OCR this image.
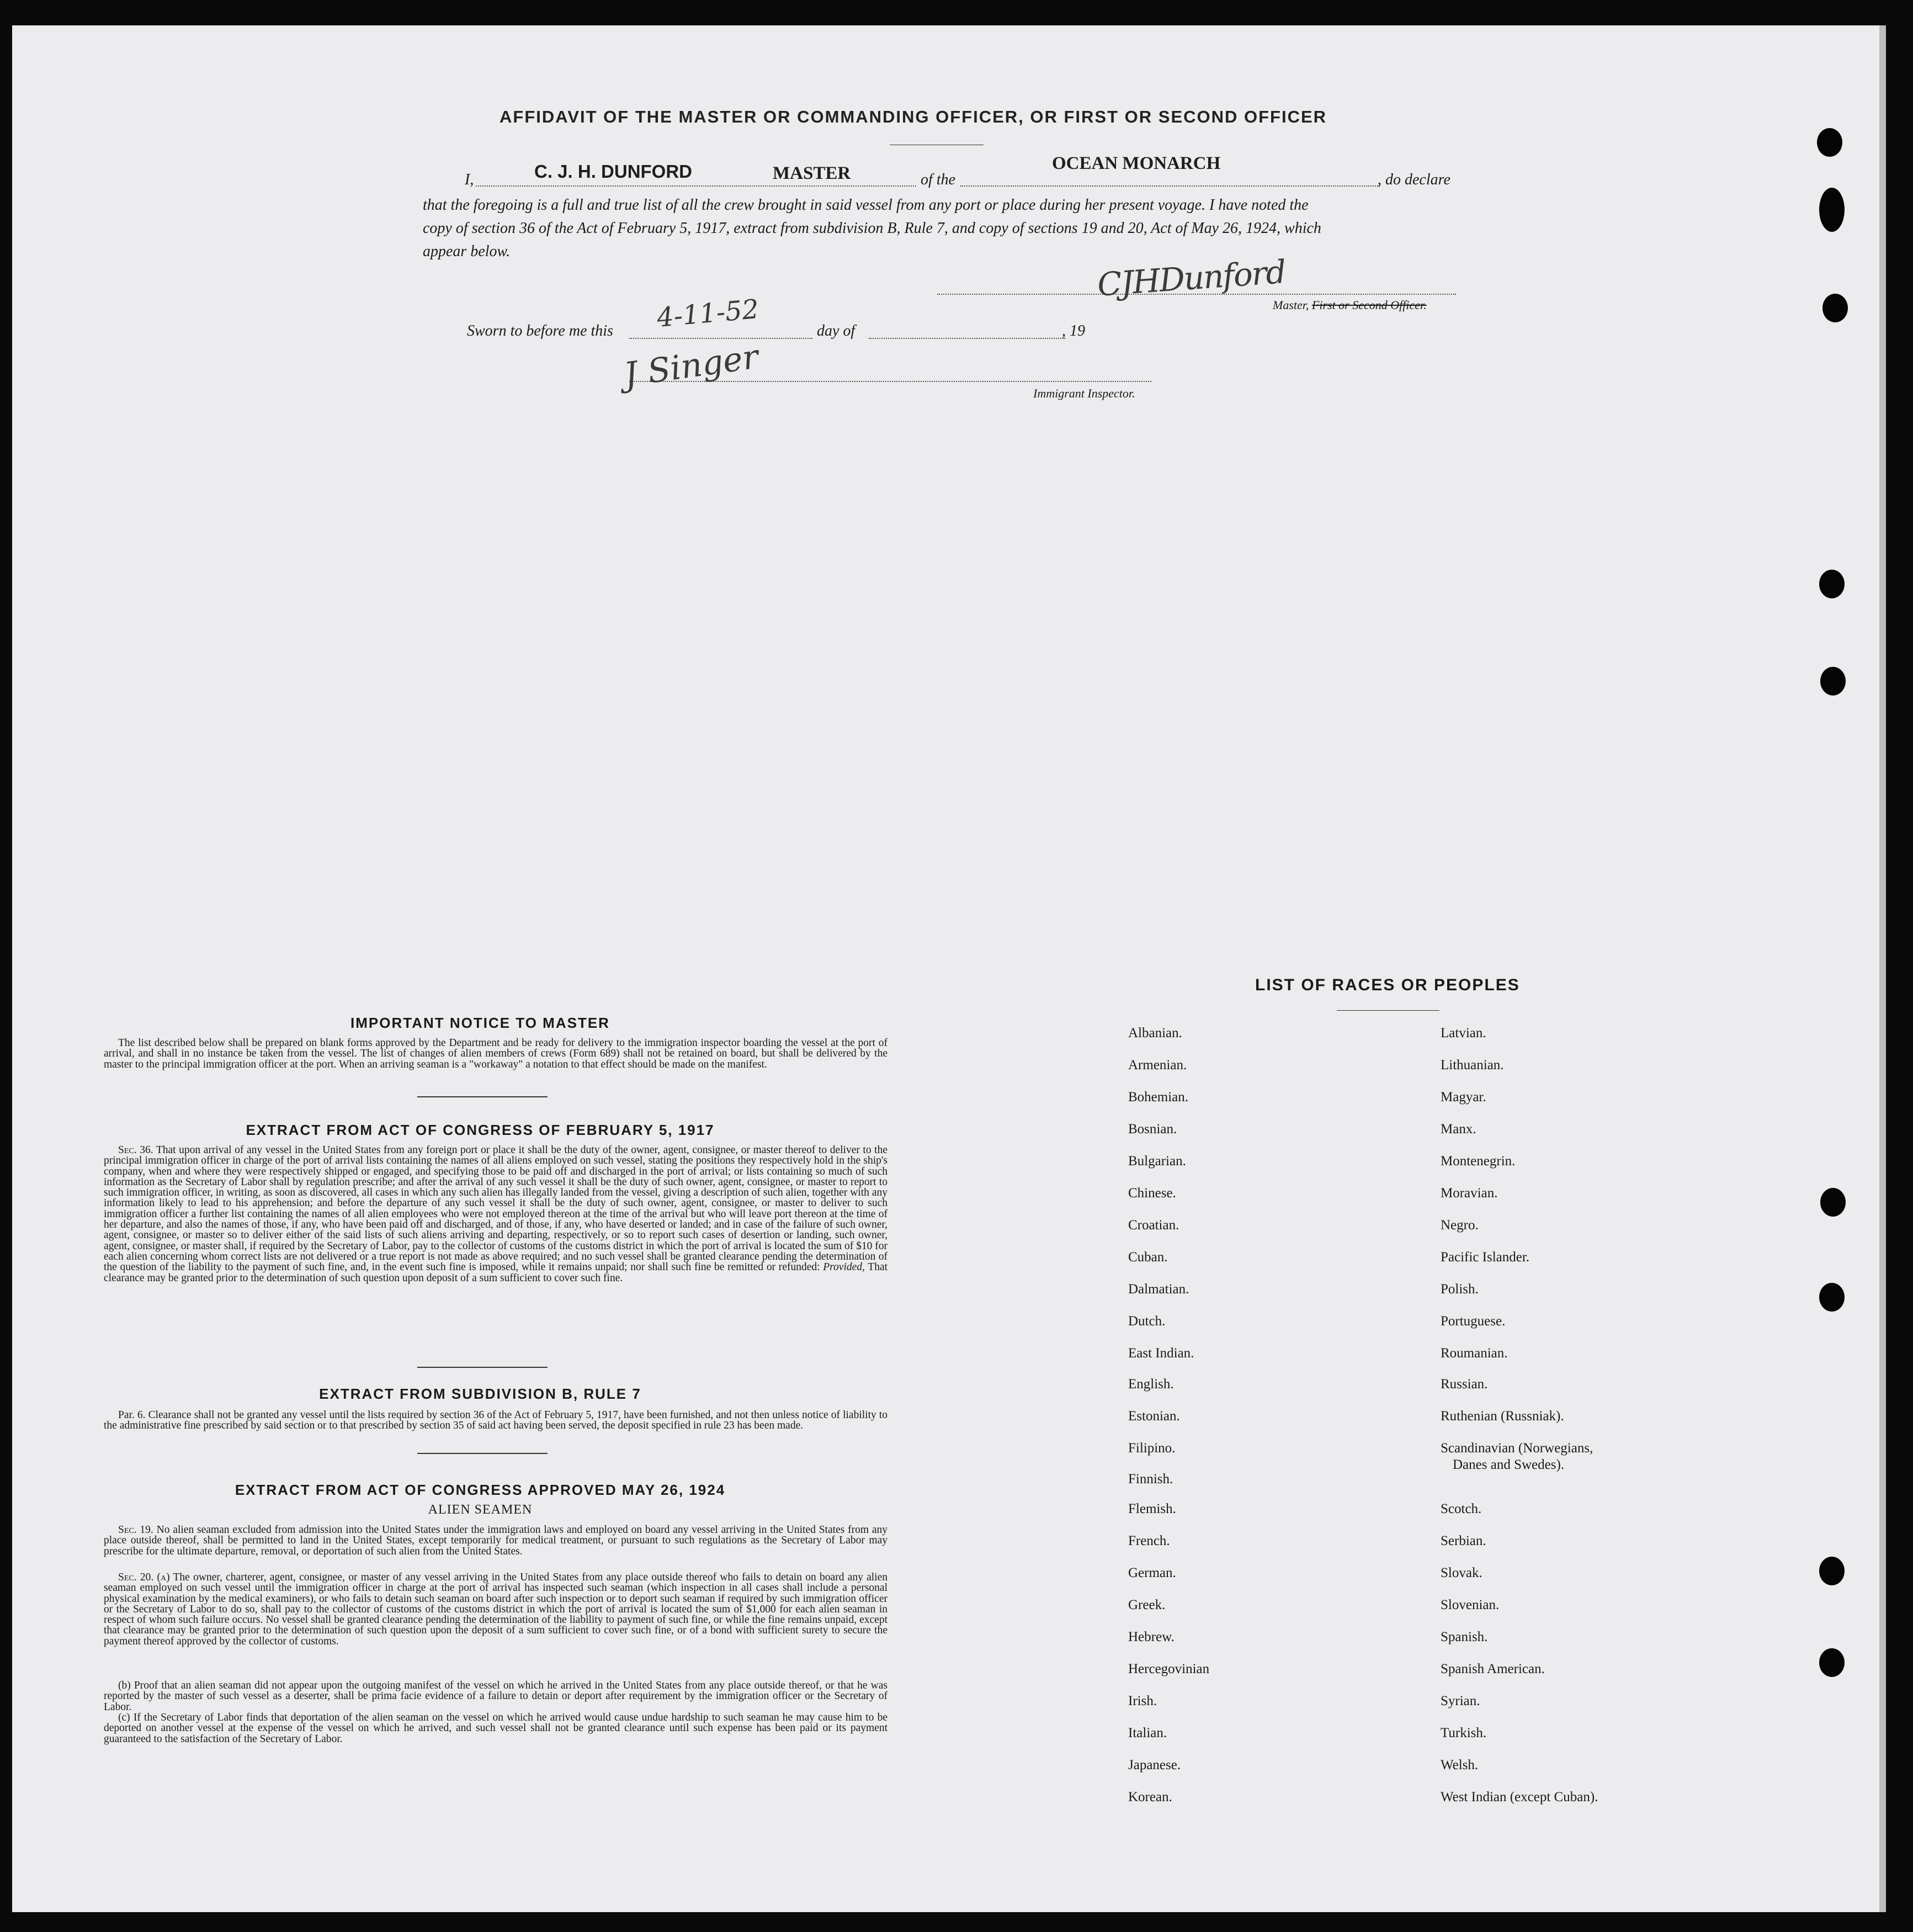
AFFIDAVIT OF THE MASTER OR COMMANDING OFFICER, OR FIRST OR SECOND OFFICER
I,	C. J. H. DUNFORD	MASTER	of the
OCEAN MONARCH
, do declare
that the foregoing is a full and true list of all the crew brought in said vessel from any port or place during her present voyage. I have noted the
copy of section 36 of the Act of February 5, 1917, extract from subdivision B, Rule 7, and copy of sections 19 and 20, Act of May 26, 1924, which
appear below.
CJHDunford
Master, First or Second Officer.
Sworn to before me this 4-11-52	day of	, 19
J Singer	Immigrant Inspector.
IMPORTANT NOTICE TO MASTER
The list described below shall be prepared on blank forms approved by the Department and be ready for delivery to the immigration inspector boarding the vessel at the port of arrival, and shall in no instance be taken from the vessel. The list of changes of alien members of crews (Form 689) shall not be retained on board, but shall be delivered by the master to the principal immigration officer at the port. When an arriving seaman is a "workaway" a notation to that effect should be made on the manifest.
EXTRACT FROM ACT OF CONGRESS OF FEBRUARY 5, 1917
Sec. 36. That upon arrival of any vessel in the United States from any foreign port or place it shall be the duty of the owner, agent, consignee, or master thereof to deliver to the principal immigration officer in charge of the port of arrival lists containing the names of all aliens employed on such vessel, stating the positions they respectively hold in the ship's company, when and where they were respectively shipped or engaged, and specifying those to be paid off and discharged in the port of arrival; or lists containing so much of such information as the Secretary of Labor shall by regulation prescribe; and after the arrival of any such vessel it shall be the duty of such owner, agent, consignee, or master to report to such immigration officer, in writing, as soon as discovered, all cases in which any such alien has illegally landed from the vessel, giving a description of such alien, together with any information likely to lead to his apprehension; and before the departure of any such vessel it shall be the duty of such owner, agent, consignee, or master to deliver to such immigration officer a further list containing the names of all alien employees who were not employed thereon at the time of the arrival but who will leave port thereon at the time of her departure, and also the names of those, if any, who have been paid off and discharged, and of those, if any, who have deserted or landed; and in case of the failure of such owner, agent, consignee, or master so to deliver either of the said lists of such aliens arriving and departing, respectively, or so to report such cases of desertion or landing, such owner, agent, consignee, or master shall, if required by the Secretary of Labor, pay to the collector of customs of the customs district in which the port of arrival is located the sum of $10 for each alien concerning whom correct lists are not delivered or a true report is not made as above required; and no such vessel shall be granted clearance pending the determination of the question of the liability to the payment of such fine, and, in the event such fine is imposed, while it remains unpaid; nor shall such fine be remitted or refunded: Provided, That clearance may be granted prior to the determination of such question upon deposit of a sum sufficient to cover such fine.
EXTRACT FROM SUBDIVISION B, RULE 7
Par. 6. Clearance shall not be granted any vessel until the lists required by section 36 of the Act of February 5, 1917, have been furnished, and not then unless notice of liability to the administrative fine prescribed by said section or to that prescribed by section 35 of said act having been served, the deposit specified in rule 23 has been made.
EXTRACT FROM ACT OF CONGRESS APPROVED MAY 26, 1924
ALIEN SEAMEN
Sec. 19. No alien seaman excluded from admission into the United States under the immigration laws and employed on board any vessel arriving in the United States from any place outside thereof, shall be permitted to land in the United States, except temporarily for medical treatment, or pursuant to such regulations as the Secretary of Labor may prescribe for the ultimate departure, removal, or deportation of such alien from the United States.
Sec. 20. (a) The owner, charterer, agent, consignee, or master of any vessel arriving in the United States from any place outside thereof who fails to detain on board any alien seaman employed on such vessel until the immigration officer in charge at the port of arrival has inspected such seaman (which inspection in all cases shall include a personal physical examination by the medical examiners), or who fails to detain such seaman on board after such inspection or to deport such seaman if required by such immigration officer or the Secretary of Labor to do so, shall pay to the collector of customs of the customs district in which the port of arrival is located the sum of $1,000 for each alien seaman in respect of whom such failure occurs. No vessel shall be granted clearance pending the determination of the liability to payment of such fine, or while the fine remains unpaid, except that clearance may be granted prior to the determination of such question upon the deposit of a sum sufficient to cover such fine, or of a bond with sufficient surety to secure the payment thereof approved by the collector of customs.
(b) Proof that an alien seaman did not appear upon the outgoing manifest of the vessel on which he arrived in the United States from any place outside thereof, or that he was reported by the master of such vessel as a deserter, shall be prima facie evidence of a failure to detain or deport after requirement by the immigration officer or the Secretary of Labor.
(c) If the Secretary of Labor finds that deportation of the alien seaman on the vessel on which he arrived would cause undue hardship to such seaman he may cause him to be deported on another vessel at the expense of the vessel on which he arrived, and such vessel shall not be granted clearance until such expense has been paid or its payment guaranteed to the satisfaction of the Secretary of Labor.
LIST OF RACES OR PEOPLES
Albanian.
Armenian.
Bohemian.
Bosnian.
Bulgarian.
Chinese.
Croatian.
Cuban.
Dalmatian.
Dutch.
East Indian.
English.
Estonian.
Filipino.
Finnish.
Flemish.
French.
German.
Greek.
Hebrew.
Hercegovinian
Irish.
Italian.
Japanese.
Korean.
Latvian.
Lithuanian.
Magyar.
Manx.
Montenegrin.
Moravian.
Negro.
Pacific Islander.
Polish.
Portuguese.
Roumanian.
Russian.
Ruthenian (Russniak).
Scandinavian (Norwegians,
Danes and Swedes).
Scotch.
Serbian.
Slovak.
Slovenian.
Spanish.
Spanish American.
Syrian.
Turkish.
Welsh.
West Indian (except Cuban).
